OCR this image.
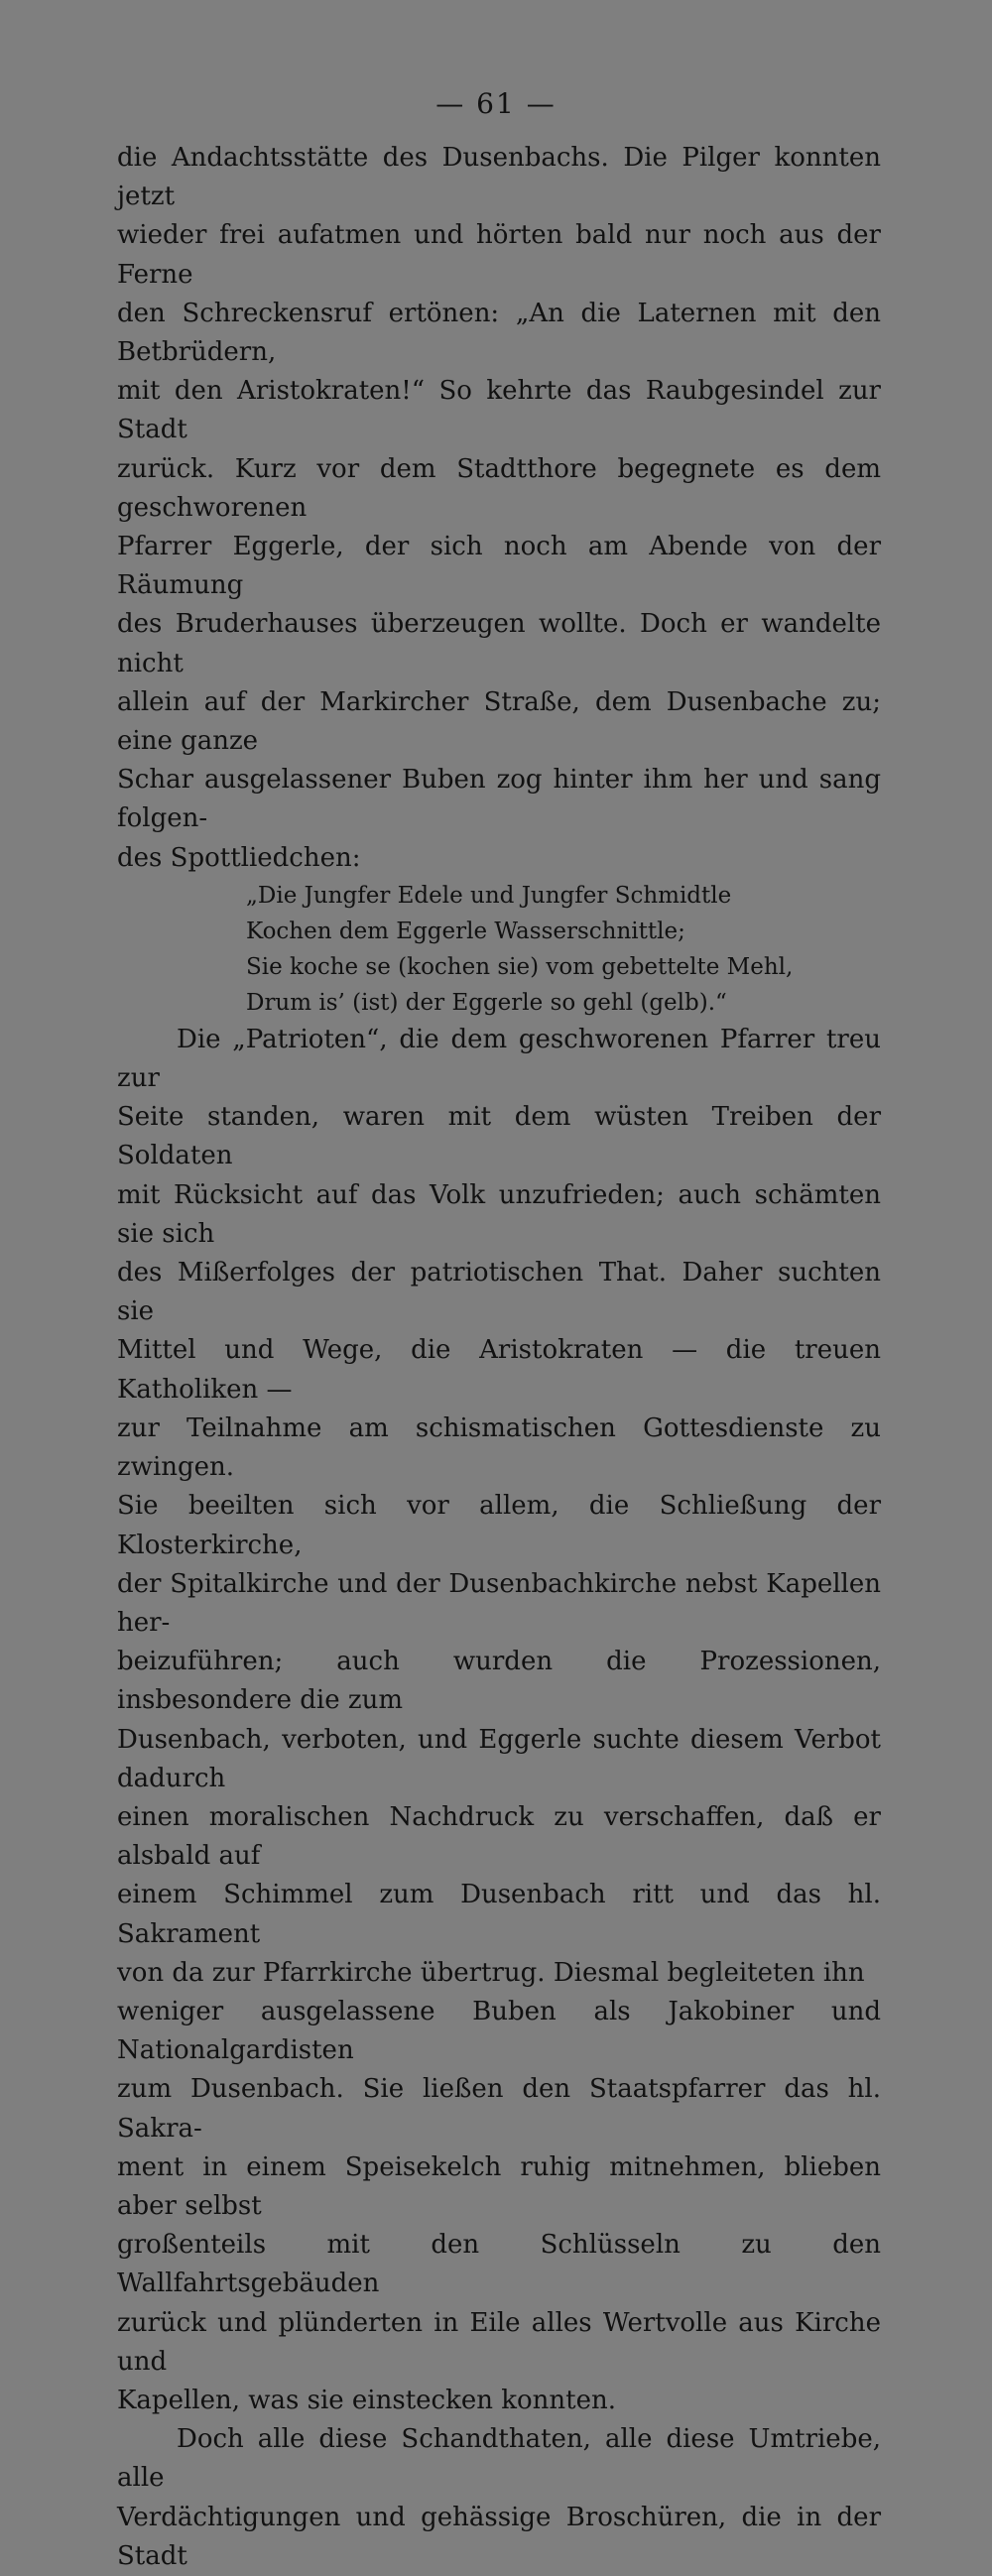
— 61 —

die Andachtsstätte des Dusenbachs. Die Pilger konnten jetzt
wieder frei aufatmen und hörten bald nur noch aus der Ferne
den Schreckensruf ertönen: „An die Laternen mit den Betbrüdern,
mit den Aristokraten!“ So kehrte das Raubgesindel zur Stadt
zurück. Kurz vor dem Stadtthore begegnete es dem geschworenen
Pfarrer Eggerle, der sich noch am Abende von der Räumung
des Bruderhauses überzeugen wollte. Doch er wandelte nicht
allein auf der Markircher Straße, dem Dusenbache zu; eine ganze
Schar ausgelassener Buben zog hinter ihm her und sang folgen-
des Spottliedchen:

„Die Jungfer Edele und Jungfer Schmidtle
Kochen dem Eggerle Wasserschnittle;
Sie koche se (kochen sie) vom gebettelte Mehl,
Drum is’ (ist) der Eggerle so gehl (gelb).“

Die „Patrioten“, die dem geschworenen Pfarrer treu zur
Seite standen, waren mit dem wüsten Treiben der Soldaten
mit Rücksicht auf das Volk unzufrieden; auch schämten sie sich
des Mißerfolges der patriotischen That. Daher suchten sie
Mittel und Wege, die Aristokraten — die treuen Katholiken —
zur Teilnahme am schismatischen Gottesdienste zu zwingen.
Sie beeilten sich vor allem, die Schließung der Klosterkirche,
der Spitalkirche und der Dusenbachkirche nebst Kapellen her-
beizuführen; auch wurden die Prozessionen, insbesondere die zum
Dusenbach, verboten, und Eggerle suchte diesem Verbot dadurch
einen moralischen Nachdruck zu verschaffen, daß er alsbald auf
einem Schimmel zum Dusenbach ritt und das hl. Sakrament
von da zur Pfarrkirche übertrug. Diesmal begleiteten ihn
weniger ausgelassene Buben als Jakobiner und Nationalgardisten
zum Dusenbach. Sie ließen den Staatspfarrer das hl. Sakra-
ment in einem Speisekelch ruhig mitnehmen, blieben aber selbst
großenteils mit den Schlüsseln zu den Wallfahrtsgebäuden
zurück und plünderten in Eile alles Wertvolle aus Kirche und
Kapellen, was sie einstecken konnten.

Doch alle diese Schandthaten, alle diese Umtriebe, alle
Verdächtigungen und gehässige Broschüren, die in der Stadt
